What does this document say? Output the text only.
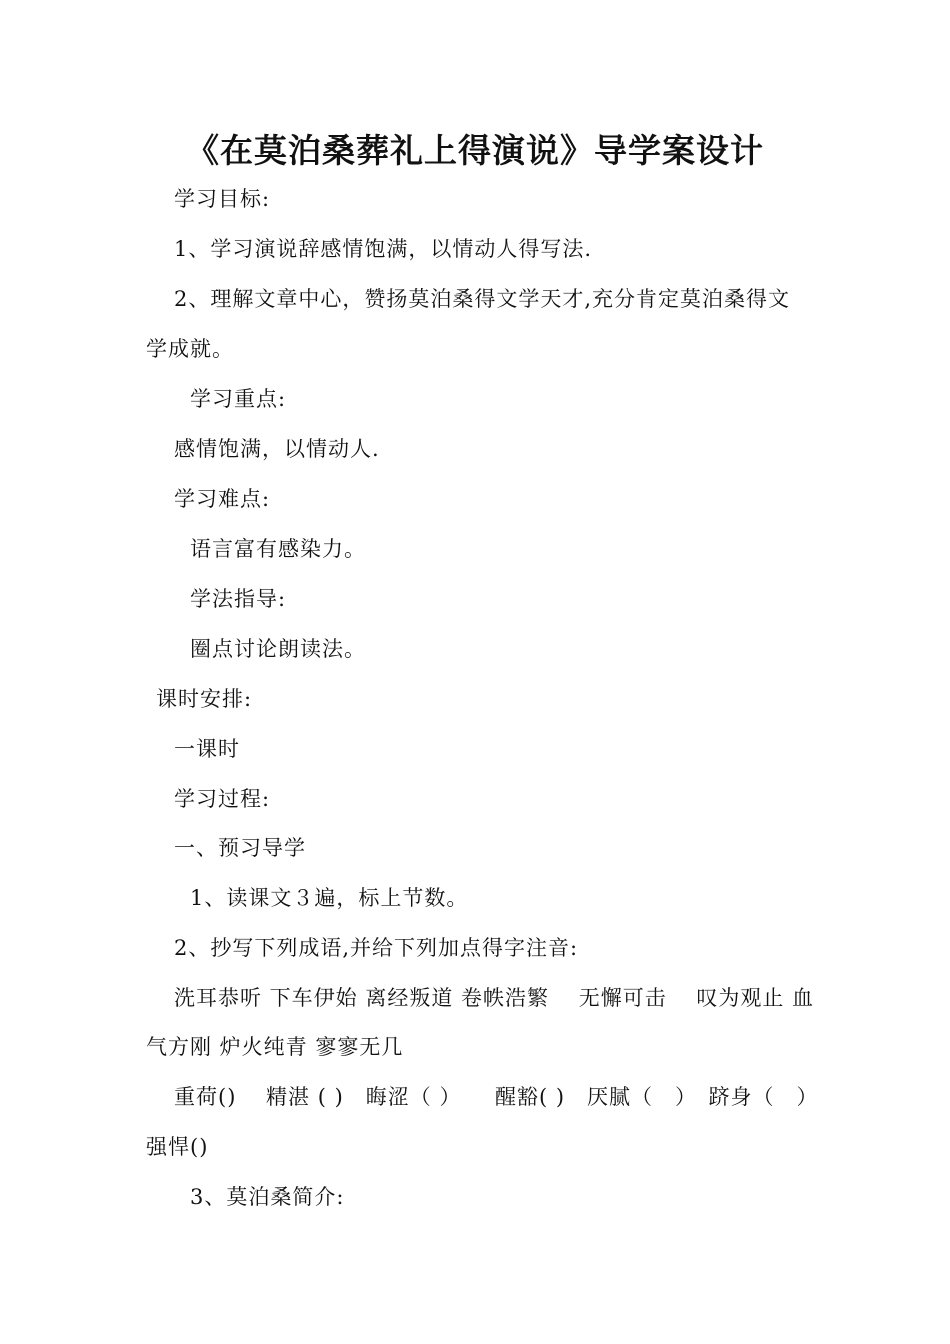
《在莫泊桑葬礼上得演说》导学案设计
学习目标:
1、学习演说辞感情饱满，以情动人得写法.
2、理解文章中心，赞扬莫泊桑得文学天才,充分肯定莫泊桑得文
学成就。
学习重点:
感情饱满，以情动人.
学习难点:
语言富有感染力。
学法指导:
圈点讨论朗读法。
课时安排:
一课时
学习过程:
一、预习导学
1、读课文３遍，标上节数。
2、抄写下列成语,并给下列加点得字注音:
洗耳恭听 下车伊始 离经叛道 卷帙浩繁　 无懈可击　 叹为观止 血
气方刚 炉火纯青 寥寥无几
重荷()　 精湛 ( )　晦涩（ ）　　醒豁( )　厌腻（　）　跻身（　）
强悍()
3、莫泊桑简介:
